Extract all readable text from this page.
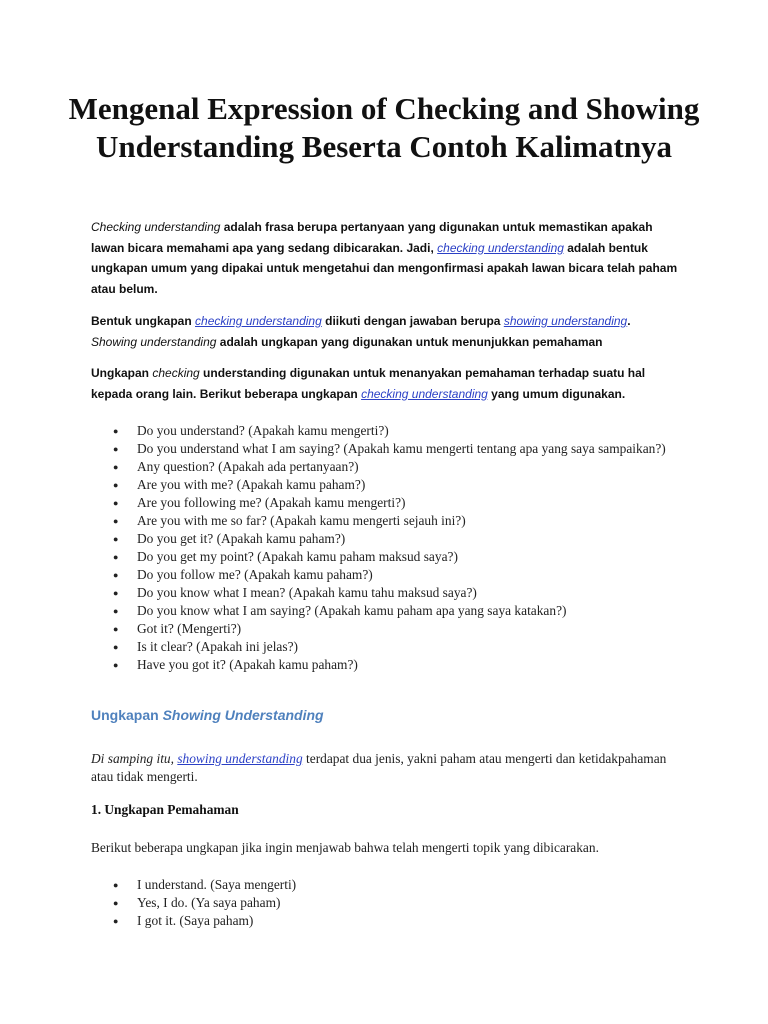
Mengenal Expression of Checking and Showing Understanding Beserta Contoh Kalimatnya

Checking understanding adalah frasa berupa pertanyaan yang digunakan untuk memastikan apakah lawan bicara memahami apa yang sedang dibicarakan. Jadi, checking understanding adalah bentuk ungkapan umum yang dipakai untuk mengetahui dan mengonfirmasi apakah lawan bicara telah paham atau belum.

Bentuk ungkapan checking understanding diikuti dengan jawaban berupa showing understanding.
Showing understanding adalah ungkapan yang digunakan untuk menunjukkan pemahaman

Ungkapan checking understanding digunakan untuk menanyakan pemahaman terhadap suatu hal kepada orang lain. Berikut beberapa ungkapan checking understanding yang umum digunakan.

● Do you understand? (Apakah kamu mengerti?)
● Do you understand what I am saying? (Apakah kamu mengerti tentang apa yang saya sampaikan?)
● Any question? (Apakah ada pertanyaan?)
● Are you with me? (Apakah kamu paham?)
● Are you following me? (Apakah kamu mengerti?)
● Are you with me so far? (Apakah kamu mengerti sejauh ini?)
● Do you get it? (Apakah kamu paham?)
● Do you get my point? (Apakah kamu paham maksud saya?)
● Do you follow me? (Apakah kamu paham?)
● Do you know what I mean? (Apakah kamu tahu maksud saya?)
● Do you know what I am saying? (Apakah kamu paham apa yang saya katakan?)
● Got it? (Mengerti?)
● Is it clear? (Apakah ini jelas?)
● Have you got it? (Apakah kamu paham?)
Ungkapan Showing Understanding

Di samping itu, showing understanding terdapat dua jenis, yakni paham atau mengerti dan ketidakpahaman atau tidak mengerti.

1. Ungkapan Pemahaman

Berikut beberapa ungkapan jika ingin menjawab bahwa telah mengerti topik yang dibicarakan.

● I understand. (Saya mengerti)
● Yes, I do. (Ya saya paham)
● I got it. (Saya paham)
